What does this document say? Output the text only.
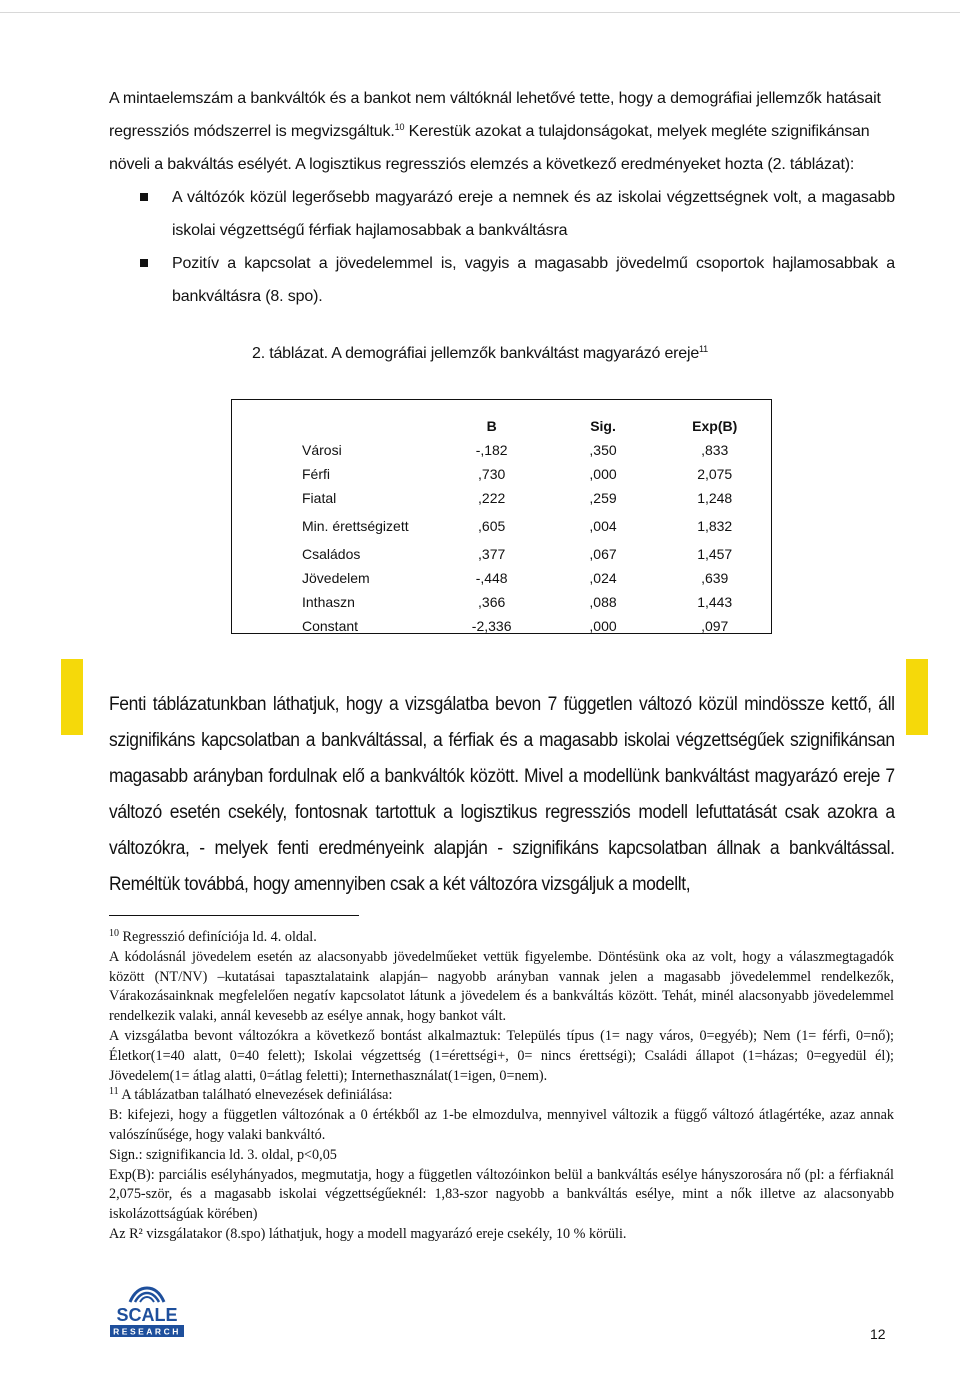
A mintaelemszám a bankváltók és a bankot nem váltóknál lehetővé tette, hogy a demográfiai jellemzők hatásait regressziós módszerrel is megvizsgáltuk.$^{10}$ Kerestük azokat a tulajdonságokat, melyek megléte szignifikánsan növeli a bakváltás esélyét. A logisztikus regressziós elemzés a következő eredményeket hozta (2. táblázat):

A váltózók közül legerősebb magyarázó ereje a nemnek és az iskolai végzettségnek volt, a magasabb iskolai végzettségű férfiak hajlamosabbak a bankváltásra
Pozitív a kapcsolat a jövedelemmel is, vagyis a magasabb jövedelmű csoportok hajlamosabbak a bankváltásra (8. spo).
2. táblázat. A demográfiai jellemzők bankváltást magyarázó ereje$^{11}$
	B	Sig.	Exp(B)
Városi	-,182	,350	,833
Férfi	,730	,000	2,075
Fiatal	,222	,259	1,248
Min. érettségizett	,605	,004	1,832
Családos	,377	,067	1,457
Jövedelem	-,448	,024	,639
Inthaszn	,366	,088	1,443
Constant	-2,336	,000	,097

Fenti táblázatunkban láthatjuk, hogy a vizsgálatba bevon 7 független változó közül mindössze kettő, áll szignifikáns kapcsolatban a bankváltással, a férfiak és a magasabb iskolai végzettségűek szignifikánsan magasabb arányban fordulnak elő a bankváltók között. Mivel a modellünk bankváltást magyarázó ereje 7 változó esetén csekély, fontosnak tartottuk a logisztikus regressziós modell lefuttatását csak azokra a változókra, - melyek fenti eredményeink alapján - szignifikáns kapcsolatban állnak a bankváltással. Reméltük továbbá, hogy amennyiben csak a két változóra vizsgáljuk a modellt,

$^{10}$ Regresszió definíciója ld. 4. oldal.

A kódolásnál jövedelem esetén az alacsonyabb jövedelműeket vettük figyelembe. Döntésünk oka az volt, hogy a válaszmegtagadók között (NT/NV) –kutatásai tapasztalataink alapján– nagyobb arányban vannak jelen a magasabb jövedelemmel rendelkezők, Várakozásainknak megfelelően negatív kapcsolatot látunk a jövedelem és a bankváltás között. Tehát, minél alacsonyabb jövedelemmel rendelkezik valaki, annál kevesebb az esélye annak, hogy bankot vált.

A vizsgálatba bevont változókra a következő bontást alkalmaztuk: Település típus (1= nagy város, 0=egyéb); Nem (1= férfi, 0=nő); Életkor(1=40 alatt, 0=40 felett); Iskolai végzettség (1=érettségi+, 0= nincs érettségi); Családi állapot (1=házas; 0=egyedül él); Jövedelem(1= átlag alatti, 0=átlag feletti); Internethasználat(1=igen, 0=nem).

$^{11}$ A táblázatban található elnevezések definiálása:

B: kifejezi, hogy a független változónak a 0 értékből az 1-be elmozdulva, mennyivel változik a függő változó átlagértéke, azaz annak valószínűsége, hogy valaki bankváltó.

Sign.: szignifikancia ld. 3. oldal, p<0,05

Exp(B): parciális esélyhányados, megmutatja, hogy a független változóinkon belül a bankváltás esélye hányszorosára nő (pl: a férfiaknál 2,075-ször, és a magasabb iskolai végzettségűeknél: 1,83-szor nagyobb a bankváltás esélye, mint a nők illetve az alacsonyabb iskolázottságúak körében)

Az R² vizsgálatakor (8.spo) láthatjuk, hogy a modell magyarázó ereje csekély, 10 % körüli.

SCALE
RESEARCH	12
